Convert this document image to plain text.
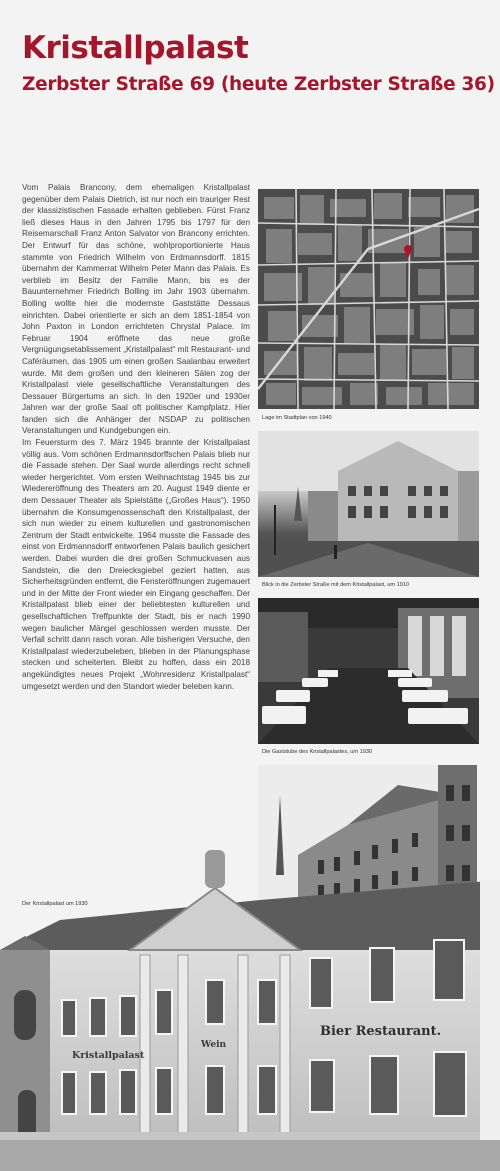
Kristallpalast
Zerbster Straße 69 (heute Zerbster Straße 36)

Vom Palais Brancony, dem ehemaligen Kristallpalast gegenüber dem Palais Dietrich, ist nur noch ein trauriger Rest der klassizistischen Fassade erhalten geblieben. Fürst Franz ließ dieses Haus in den Jahren 1795 bis 1797 für den Reisemarschall Franz Anton Salvator von Brancony errichten. Der Entwurf für das schöne, wohlproportionierte Haus stammte von Friedrich Wilhelm von Erdmannsdorff. 1815 übernahm der Kammerrat Wilhelm Peter Mann das Palais. Es verblieb im Besitz der Familie Mann, bis es der Bauunternehmer Friedrich Bolling im Jahr 1903 übernahm. Bolling wollte hier die modernste Gaststätte Dessaus einrichten. Dabei orientierte er sich an dem 1851-1854 von John Paxton in London errichteten Chrystal Palace. Im Februar 1904 eröffnete das neue große Vergnügungsetablissement „Kristallpalast“ mit Restaurant- und Caféräumen, das 1905 um einen großen Saalanbau erweitert wurde. Mit dem großen und den kleineren Sälen zog der Kristallpalast viele gesellschaftliche Veranstaltungen des Dessauer Bürgertums an sich. In den 1920er und 1930er Jahren war der große Saal oft politischer Kampfplatz. Hier fanden sich die Anhänger der NSDAP zu politischen Veranstaltungen und Kundgebungen ein.

Im Feuersturm des 7. März 1945 brannte der Kristallpalast völlig aus. Vom schönen Erdmannsdorffschen Palais blieb nur die Fassade stehen. Der Saal wurde allerdings recht schnell wieder hergerichtet. Vom ersten Weihnachtstag 1945 bis zur Wiedereröffnung des Theaters am 20. August 1949 diente er dem Dessauer Theater als Spielstätte („Großes Haus“). 1950 übernahm die Konsumgenossenschaft den Kristallpalast, der sich nun wieder zu einem kulturellen und gastronomischen Zentrum der Stadt entwickelte. 1964 musste die Fassade des einst von Erdmannsdorff entworfenen Palais baulich gesichert werden. Dabei wurden die drei großen Schmuckvasen aus Sandstein, die den Dreiecksgiebel geziert hatten, aus Sicherheitsgründen entfernt, die Fensteröffnungen zugemauert und in der Mitte der Front wieder ein Eingang geschaffen. Der Kristallpalast blieb einer der beliebtesten kulturellen und gesellschaftlichen Treffpunkte der Stadt, bis er nach 1990 wegen baulicher Mängel geschlossen werden musste. Der Verfall schritt dann rasch voran. Alle bisherigen Versuche, den Kristallpalast wiederzubeleben, blieben in der Planungsphase stecken und scheiterten. Bleibt zu hoffen, dass ein 2018 angekündigtes neues Projekt „Wohnresidenz Kristallpalast“ umgesetzt werden und den Standort wieder beleben kann.

Lage im Stadtplan von 1940
Blick in die Zerbster Straße mit dem Kristallpalast, um 1910
Die Gaststube des Kristallpalastes, um 1930
Der Kristallpalast um 1930
Kristallpalast
Wein
Bier Restaurant.
